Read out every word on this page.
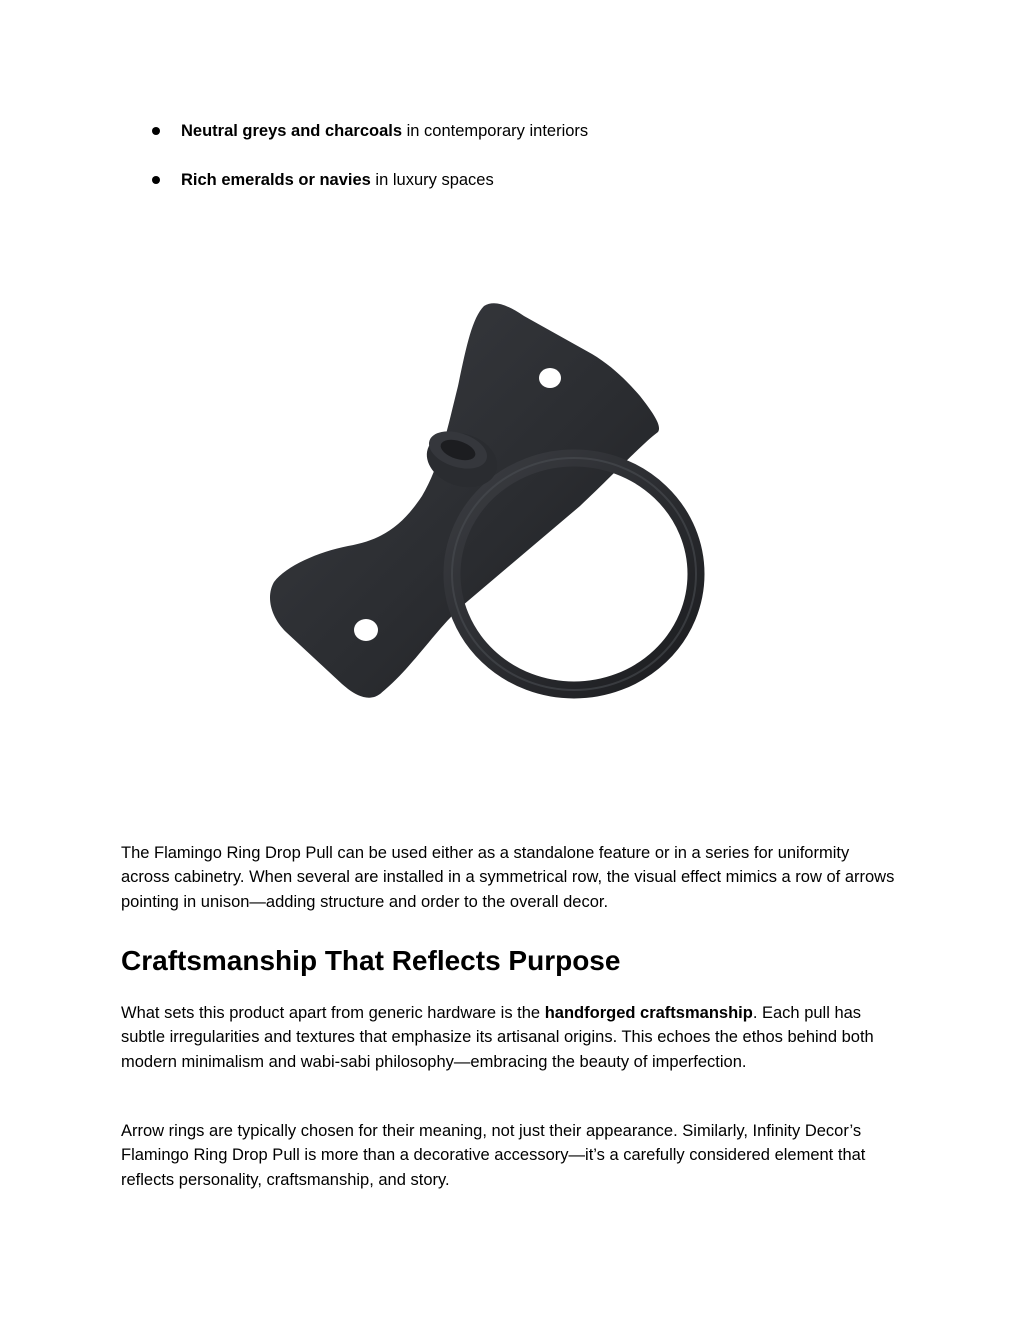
Neutral greys and charcoals in contemporary interiors
Rich emeralds or navies in luxury spaces

The Flamingo Ring Drop Pull can be used either as a standalone feature or in a series for uniformity across cabinetry. When several are installed in a symmetrical row, the visual effect mimics a row of arrows pointing in unison—adding structure and order to the overall decor.

Craftsmanship That Reflects Purpose

What sets this product apart from generic hardware is the handforged craftsmanship. Each pull has subtle irregularities and textures that emphasize its artisanal origins. This echoes the ethos behind both modern minimalism and wabi-sabi philosophy—embracing the beauty of imperfection.

Arrow rings are typically chosen for their meaning, not just their appearance. Similarly, Infinity Decor’s Flamingo Ring Drop Pull is more than a decorative accessory—it’s a carefully considered element that reflects personality, craftsmanship, and story.
